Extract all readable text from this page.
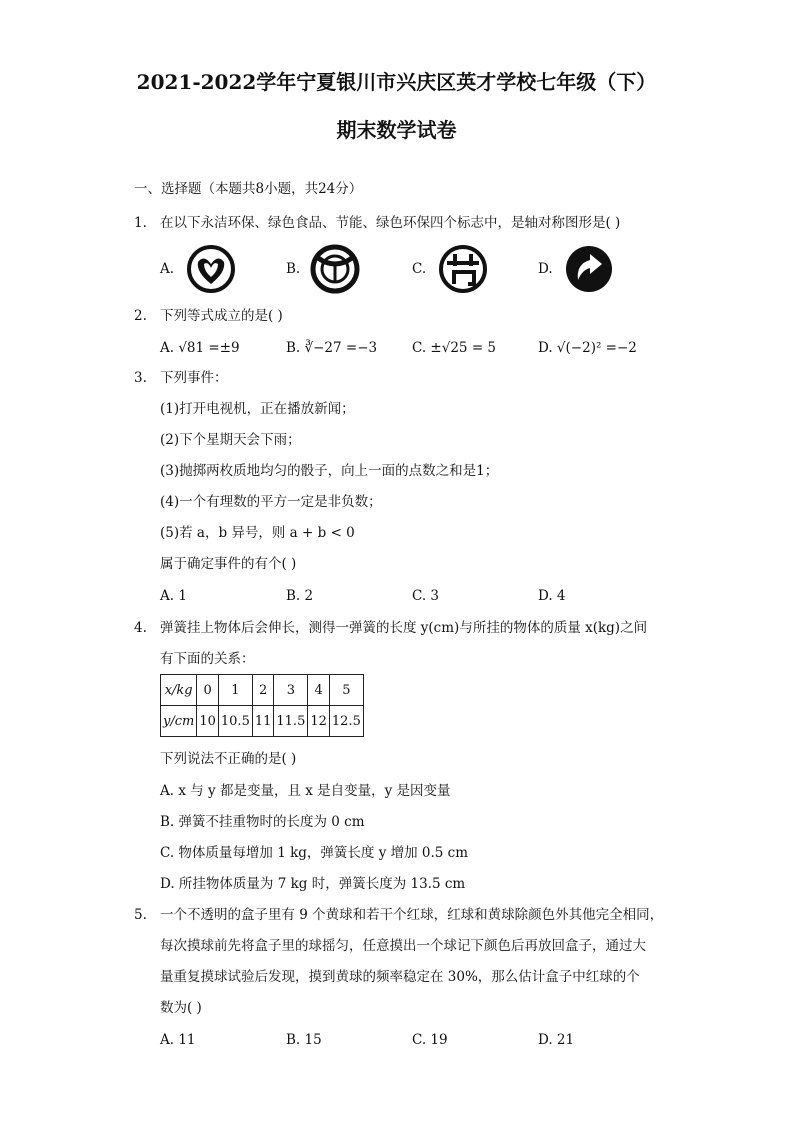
2021-2022学年宁夏银川市兴庆区英才学校七年级（下）
期末数学试卷
一、选择题（本题共8小题，共24分）
1. 在以下永洁环保、绿色食品、节能、绿色环保四个标志中，是轴对称图形是( )
A.	B.	C.	D.
2. 下列等式成立的是( )
A. √81 =±9	B. ∛−27 =−3	C. ±√25 = 5	D. √(−2)² =−2
3. 下列事件：
(1)打开电视机，正在播放新闻；
(2)下个星期天会下雨；
(3)抛掷两枚质地均匀的骰子，向上一面的点数之和是1；
(4)一个有理数的平方一定是非负数；
(5)若 a，b 异号，则 a + b < 0
属于确定事件的有个( )
A. 1	B. 2	C. 3	D. 4
4. 弹簧挂上物体后会伸长，测得一弹簧的长度 y(cm)与所挂的物体的质量 x(kg)之间
有下面的关系：
x/kg	0	1	2	3	4	5
y/cm	10	10.5	11	11.5	12	12.5
下列说法不正确的是( )
A. x 与 y 都是变量，且 x 是自变量，y 是因变量
B. 弹簧不挂重物时的长度为 0 cm
C. 物体质量每增加 1 kg，弹簧长度 y 增加 0.5 cm
D. 所挂物体质量为 7 kg 时，弹簧长度为 13.5 cm
5. 一个不透明的盒子里有 9 个黄球和若干个红球，红球和黄球除颜色外其他完全相同，
每次摸球前先将盒子里的球摇匀，任意摸出一个球记下颜色后再放回盒子，通过大
量重复摸球试验后发现，摸到黄球的频率稳定在 30%，那么估计盒子中红球的个
数为( )
A. 11	B. 15	C. 19	D. 21
